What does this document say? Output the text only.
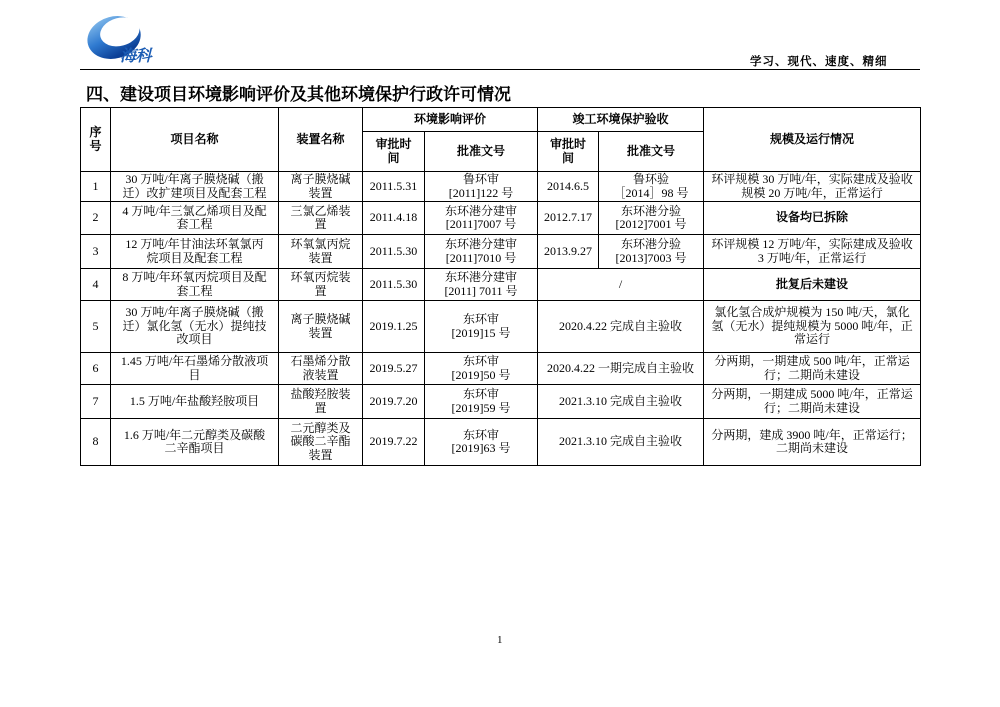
海科	学习、现代、速度、精细
四、建设项目环境影响评价及其他环境保护行政许可情况
序号	项目名称	装置名称	环境影响评价		竣工环境保护验收		规模及运行情况

			审批时间	批准文号	审批时间	批准文号	

1	30 万吨/年离子膜烧碱（搬迁）改扩建项目及配套工程	离子膜烧碱装置	2011.5.31	鲁环审[2011]122 号	2014.6.5	鲁环验［2014］98 号	环评规模 30 万吨/年，实际建成及验收规模 20 万吨/年，正常运行

2	4 万吨/年三氯乙烯项目及配套工程	三氯乙烯装置	2011.4.18	东环港分建审[2011]7007 号	2012.7.17	东环港分验[2012]7001 号	设备均已拆除

3	12 万吨/年甘油法环氧氯丙烷项目及配套工程	环氧氯丙烷装置	2011.5.30	东环港分建审[2011]7010 号	2013.9.27	东环港分验[2013]7003 号	环评规模 12 万吨/年，实际建成及验收 3 万吨/年，正常运行

4	8 万吨/年环氧丙烷项目及配套工程	环氧丙烷装置	2011.5.30	东环港分建审[2011] 7011 号	/		批复后未建设

5	30 万吨/年离子膜烧碱（搬迁）氯化氢（无水）提纯技改项目	离子膜烧碱装置	2019.1.25	东环审[2019]15 号	2020.4.22 完成自主验收		氯化氢合成炉规模为 150 吨/天，氯化氢（无水）提纯规模为 5000 吨/年，正常运行

6	1.45 万吨/年石墨烯分散液项目	石墨烯分散液装置	2019.5.27	东环审[2019]50 号	2020.4.22 一期完成自主验收		分两期，一期建成 500 吨/年，正常运行；二期尚未建设

7	1.5 万吨/年盐酸羟胺项目	盐酸羟胺装置	2019.7.20	东环审[2019]59 号	2021.3.10 完成自主验收		分两期，一期建成 5000 吨/年，正常运行；二期尚未建设

8	1.6 万吨/年二元醇类及碳酸二辛酯项目	二元醇类及碳酸二辛酯装置	2019.7.22	东环审[2019]63 号	2021.3.10 完成自主验收		分两期，建成 3900 吨/年，正常运行；二期尚未建设
1
